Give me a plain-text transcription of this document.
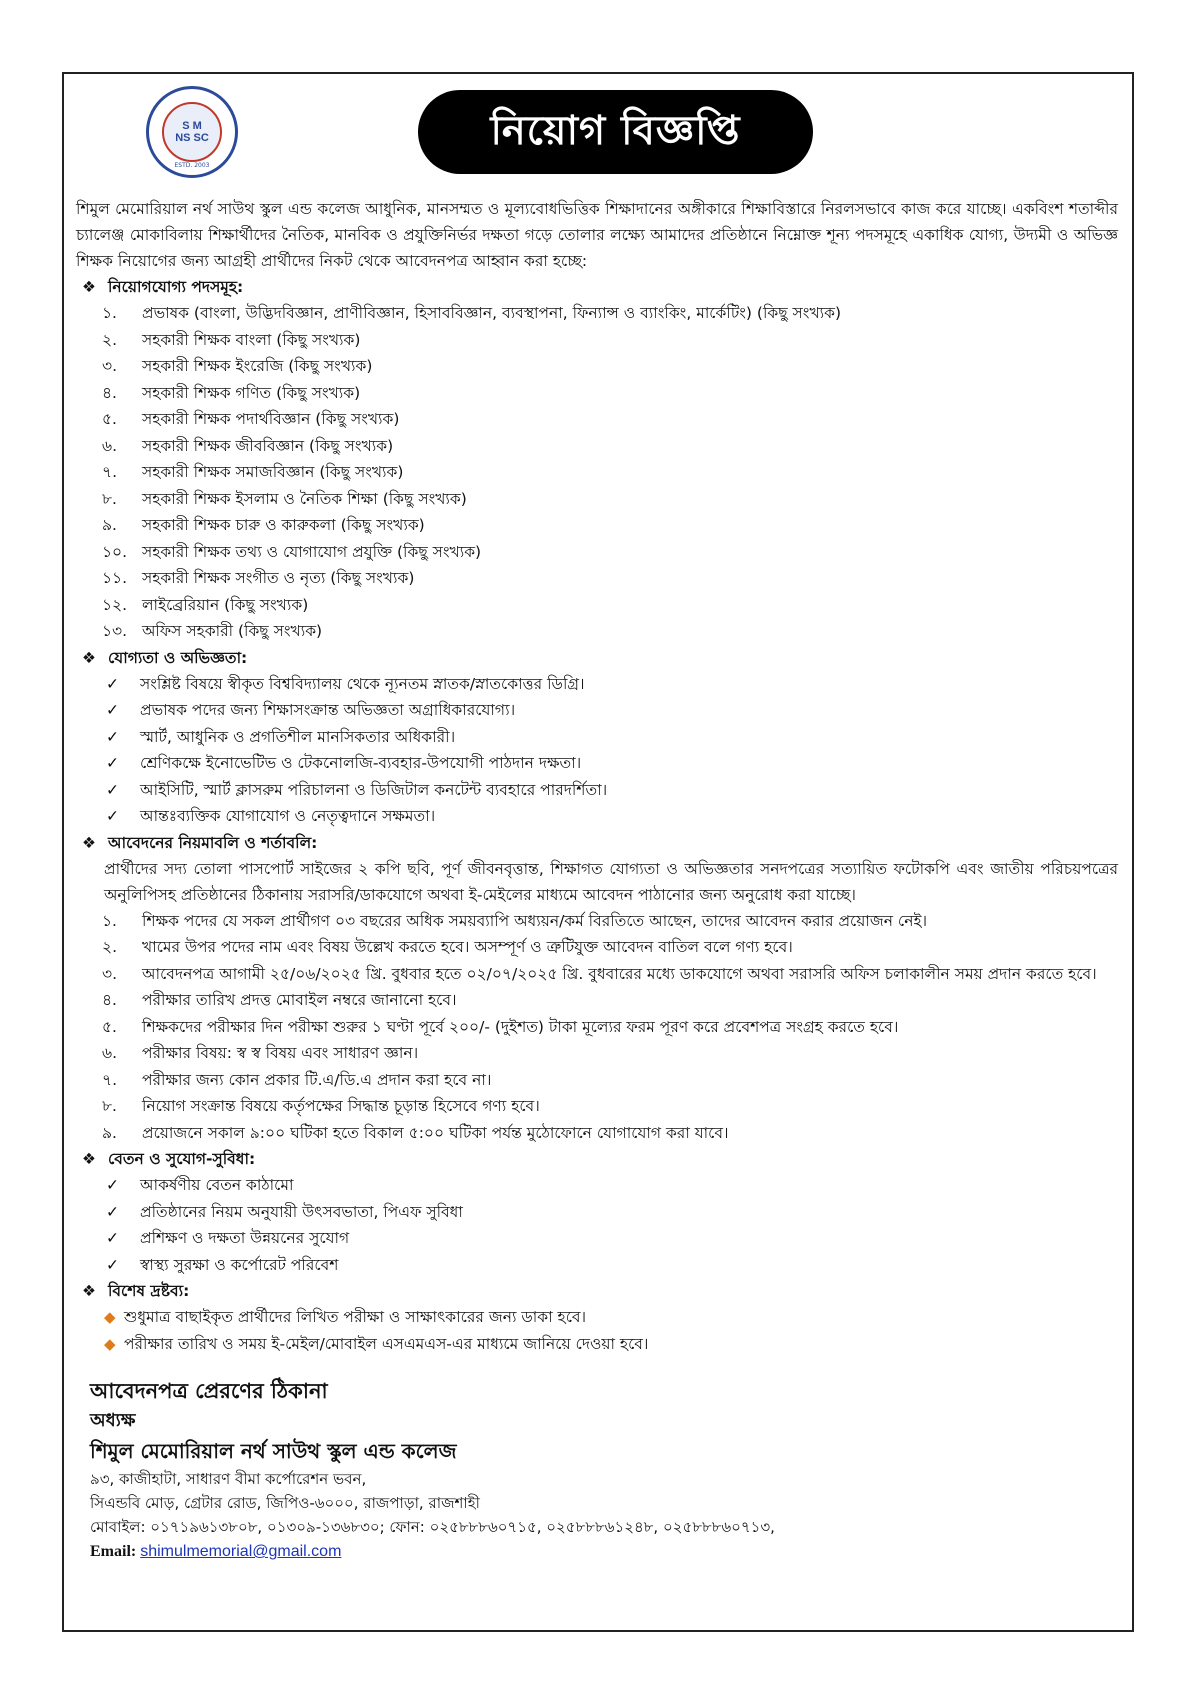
S M
NS SC
ESTD. 2003
নিয়োগ বিজ্ঞপ্তি

শিমুল মেমোরিয়াল নর্থ সাউথ স্কুল এন্ড কলেজ আধুনিক, মানসম্মত ও মূল্যবোধভিত্তিক শিক্ষাদানের অঙ্গীকারে শিক্ষাবিস্তারে নিরলসভাবে কাজ করে যাচ্ছে। একবিংশ শতাব্দীর চ্যালেঞ্জ মোকাবিলায় শিক্ষার্থীদের নৈতিক, মানবিক ও প্রযুক্তিনির্ভর দক্ষতা গড়ে তোলার লক্ষ্যে আমাদের প্রতিষ্ঠানে নিম্নোক্ত শূন্য পদসমূহে একাধিক যোগ্য, উদ্যমী ও অভিজ্ঞ শিক্ষক নিয়োগের জন্য আগ্রহী প্রার্থীদের নিকট থেকে আবেদনপত্র আহ্বান করা হচ্ছে:

❖ নিয়োগযোগ্য পদসমূহ:
১.	প্রভাষক (বাংলা, উদ্ভিদবিজ্ঞান, প্রাণীবিজ্ঞান, হিসাববিজ্ঞান, ব্যবস্থাপনা, ফিন্যান্স ও ব্যাংকিং, মার্কেটিং) (কিছু সংখ্যক)
২.	সহকারী শিক্ষক বাংলা (কিছু সংখ্যক)
৩.	সহকারী শিক্ষক ইংরেজি (কিছু সংখ্যক)
৪.	সহকারী শিক্ষক গণিত (কিছু সংখ্যক)
৫.	সহকারী শিক্ষক পদার্থবিজ্ঞান (কিছু সংখ্যক)
৬.	সহকারী শিক্ষক জীববিজ্ঞান (কিছু সংখ্যক)
৭.	সহকারী শিক্ষক সমাজবিজ্ঞান (কিছু সংখ্যক)
৮.	সহকারী শিক্ষক ইসলাম ও নৈতিক শিক্ষা (কিছু সংখ্যক)
৯.	সহকারী শিক্ষক চারু ও কারুকলা (কিছু সংখ্যক)
১০. সহকারী শিক্ষক তথ্য ও যোগাযোগ প্রযুক্তি (কিছু সংখ্যক)
১১. সহকারী শিক্ষক সংগীত ও নৃত্য (কিছু সংখ্যক)
১২. লাইব্রেরিয়ান (কিছু সংখ্যক)
১৩. অফিস সহকারী (কিছু সংখ্যক)
❖ যোগ্যতা ও অভিজ্ঞতা:
✓	সংশ্লিষ্ট বিষয়ে স্বীকৃত বিশ্ববিদ্যালয় থেকে ন্যূনতম স্নাতক/স্নাতকোত্তর ডিগ্রি।
✓	প্রভাষক পদের জন্য শিক্ষাসংক্রান্ত অভিজ্ঞতা অগ্রাধিকারযোগ্য।
✓	স্মার্ট, আধুনিক ও প্রগতিশীল মানসিকতার অধিকারী।
✓	শ্রেণিকক্ষে ইনোভেটিভ ও টেকনোলজি-ব্যবহার-উপযোগী পাঠদান দক্ষতা।
✓	আইসিটি, স্মার্ট ক্লাসরুম পরিচালনা ও ডিজিটাল কনটেন্ট ব্যবহারে পারদর্শিতা।
✓	আন্তঃব্যক্তিক যোগাযোগ ও নেতৃত্বদানে সক্ষমতা।
❖ আবেদনের নিয়মাবলি ও শর্তাবলি:

প্রার্থীদের সদ্য তোলা পাসপোর্ট সাইজের ২ কপি ছবি, পূর্ণ জীবনবৃত্তান্ত, শিক্ষাগত যোগ্যতা ও অভিজ্ঞতার সনদপত্রের সত্যায়িত ফটোকপি এবং জাতীয় পরিচয়পত্রের অনুলিপিসহ প্রতিষ্ঠানের ঠিকানায় সরাসরি/ডাকযোগে অথবা ই-মেইলের মাধ্যমে আবেদন পাঠানোর জন্য অনুরোধ করা যাচ্ছে।

১.	শিক্ষক পদের যে সকল প্রার্থীগণ ০৩ বছরের অধিক সময়ব্যাপি অধ্যয়ন/কর্ম বিরতিতে আছেন, তাদের আবেদন করার প্রয়োজন নেই।
২.	খামের উপর পদের নাম এবং বিষয় উল্লেখ করতে হবে। অসম্পূর্ণ ও ত্রুটিযুক্ত আবেদন বাতিল বলে গণ্য হবে।
৩.	আবেদনপত্র আগামী ২৫/০৬/২০২৫ খ্রি. বুধবার হতে ০২/০৭/২০২৫ খ্রি. বুধবারের মধ্যে ডাকযোগে অথবা সরাসরি অফিস চলাকালীন সময় প্রদান করতে হবে।
৪.	পরীক্ষার তারিখ প্রদত্ত মোবাইল নম্বরে জানানো হবে।
৫.	শিক্ষকদের পরীক্ষার দিন পরীক্ষা শুরুর ১ ঘণ্টা পূর্বে ২০০/- (দুইশত) টাকা মূল্যের ফরম পূরণ করে প্রবেশপত্র সংগ্রহ করতে হবে।
৬.	পরীক্ষার বিষয়: স্ব স্ব বিষয় এবং সাধারণ জ্ঞান।
৭.	পরীক্ষার জন্য কোন প্রকার টি.এ/ডি.এ প্রদান করা হবে না।
৮.	নিয়োগ সংক্রান্ত বিষয়ে কর্তৃপক্ষের সিদ্ধান্ত চূড়ান্ত হিসেবে গণ্য হবে।
৯.	প্রয়োজনে সকাল ৯:০০ ঘটিকা হতে বিকাল ৫:০০ ঘটিকা পর্যন্ত মুঠোফোনে যোগাযোগ করা যাবে।
❖ বেতন ও সুযোগ-সুবিধা:
✓	আকর্ষণীয় বেতন কাঠামো
✓	প্রতিষ্ঠানের নিয়ম অনুযায়ী উৎসবভাতা, পিএফ সুবিধা
✓	প্রশিক্ষণ ও দক্ষতা উন্নয়নের সুযোগ
✓	স্বাস্থ্য সুরক্ষা ও কর্পোরেট পরিবেশ
❖ বিশেষ দ্রষ্টব্য:
◆ শুধুমাত্র বাছাইকৃত প্রার্থীদের লিখিত পরীক্ষা ও সাক্ষাৎকারের জন্য ডাকা হবে।
◆ পরীক্ষার তারিখ ও সময় ই-মেইল/মোবাইল এসএমএস-এর মাধ্যমে জানিয়ে দেওয়া হবে।
আবেদনপত্র প্রেরণের ঠিকানা
অধ্যক্ষ
শিমুল মেমোরিয়াল নর্থ সাউথ স্কুল এন্ড কলেজ
৯৩, কাজীহাটা, সাধারণ বীমা কর্পোরেশন ভবন,
সিএন্ডবি মোড়, গ্রেটার রোড, জিপিও-৬০০০, রাজপাড়া, রাজশাহী
মোবাইল: ০১৭১৯৬১৩৮০৮, ০১৩০৯-১৩৬৮৩০; ফোন: ০২৫৮৮৮৬০৭১৫, ০২৫৮৮৮৬১২৪৮, ০২৫৮৮৮৬০৭১৩,
Email: shimulmemorial@gmail.com
